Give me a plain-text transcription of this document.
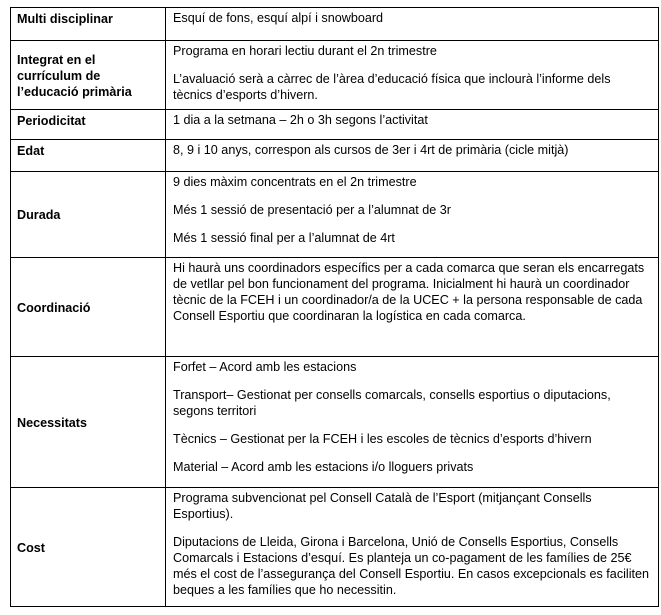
Multi disciplinar	Esquí de fons, esquí alpí i snowboard

Integrat en el currículum de l’educació primària	Programa en horari lectiu durant el 2n trimestre

L’avaluació serà a càrrec de l’àrea d’educació física que inclourà l’informe dels tècnics d’esports d’hivern.

Periodicitat	1 dia a la setmana – 2h o 3h segons l’activitat

Edat	8, 9 i 10 anys, correspon als cursos de 3er i 4rt de primària (cicle mitjà)

Durada	9 dies màxim concentrats en el 2n trimestre

Més 1 sessió de presentació per a l’alumnat de 3r

Més 1 sessió final per a l’alumnat de 4rt

Coordinació	Hi haurà uns coordinadors específics per a cada comarca que seran els encarregats de vetllar pel bon funcionament del programa. Inicialment hi haurà un coordinador tècnic de la FCEH i un coordinador/a de la UCEC + la persona responsable de cada Consell Esportiu que coordinaran la logística en cada comarca.

Necessitats	Forfet – Acord amb les estacions

Transport– Gestionat per consells comarcals, consells esportius o diputacions, segons territori

Tècnics – Gestionat per la FCEH i les escoles de tècnics d’esports d’hivern

Material – Acord amb les estacions i/o lloguers privats

Cost	Programa subvencionat pel Consell Català de l’Esport (mitjançant Consells Esportius).

Diputacions de Lleida, Girona i Barcelona, Unió de Consells Esportius, Consells Comarcals i Estacions d’esquí. Es planteja un co-pagament de les famílies de 25€ més el cost de l’assegurança del Consell Esportiu. En casos excepcionals es faciliten beques a les famílies que ho necessitin.
